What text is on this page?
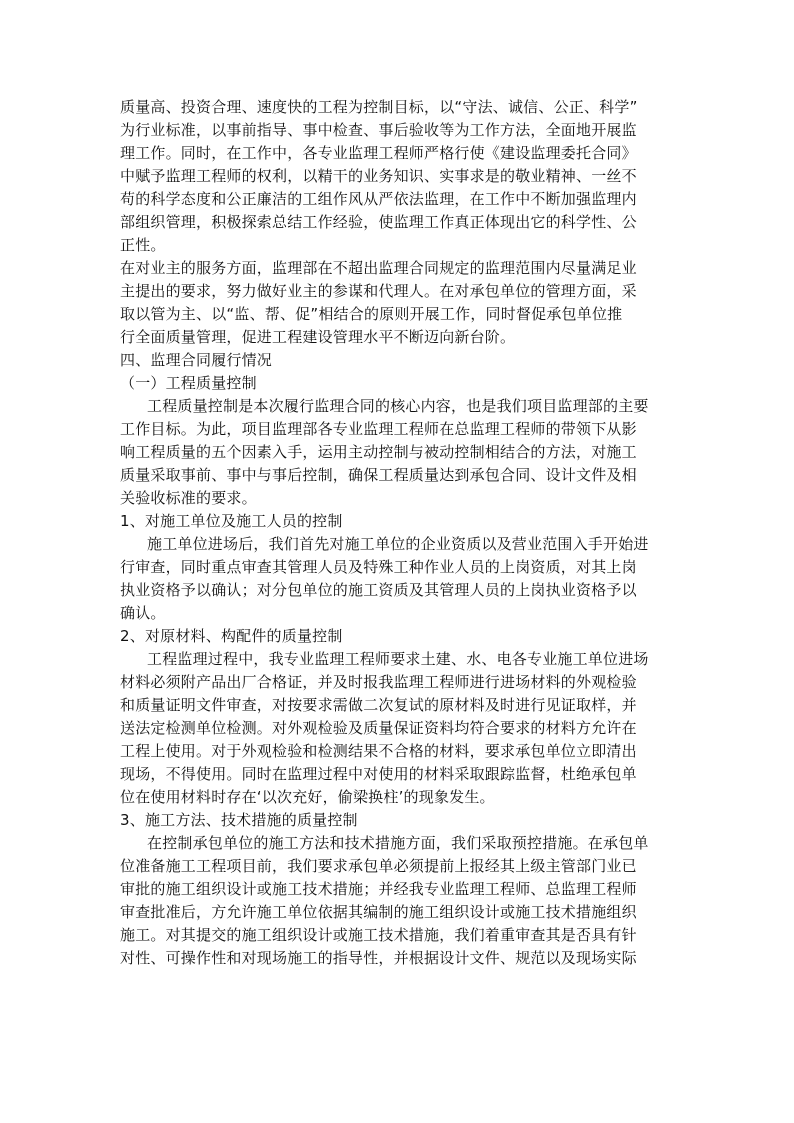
质量高、投资合理、速度快的工程为控制目标，以“守法、诚信、公正、科学”
为行业标准，以事前指导、事中检查、事后验收等为工作方法，全面地开展监
理工作。同时，在工作中，各专业监理工程师严格行使《建设监理委托合同》
中赋予监理工程师的权利，以精干的业务知识、实事求是的敬业精神、一丝不
苟的科学态度和公正廉洁的工组作风从严依法监理，在工作中不断加强监理内
部组织管理，积极探索总结工作经验，使监理工作真正体现出它的科学性、公
正性。
在对业主的服务方面，监理部在不超出监理合同规定的监理范围内尽量满足业
主提出的要求，努力做好业主的参谋和代理人。在对承包单位的管理方面，采
取以管为主、以“监、帮、促”相结合的原则开展工作，同时督促承包单位推
行全面质量管理，促进工程建设管理水平不断迈向新台阶。
四、监理合同履行情况
（一）工程质量控制
工程质量控制是本次履行监理合同的核心内容，也是我们项目监理部的主要
工作目标。为此，项目监理部各专业监理工程师在总监理工程师的带领下从影
响工程质量的五个因素入手，运用主动控制与被动控制相结合的方法，对施工
质量采取事前、事中与事后控制，确保工程质量达到承包合同、设计文件及相
关验收标准的要求。
1、对施工单位及施工人员的控制
施工单位进场后，我们首先对施工单位的企业资质以及营业范围入手开始进
行审查，同时重点审查其管理人员及特殊工种作业人员的上岗资质，对其上岗
执业资格予以确认；对分包单位的施工资质及其管理人员的上岗执业资格予以
确认。
2、对原材料、构配件的质量控制
工程监理过程中，我专业监理工程师要求土建、水、电各专业施工单位进场
材料必须附产品出厂合格证，并及时报我监理工程师进行进场材料的外观检验
和质量证明文件审查，对按要求需做二次复试的原材料及时进行见证取样，并
送法定检测单位检测。对外观检验及质量保证资料均符合要求的材料方允许在
工程上使用。对于外观检验和检测结果不合格的材料，要求承包单位立即清出
现场，不得使用。同时在监理过程中对使用的材料采取跟踪监督，杜绝承包单
位在使用材料时存在‘以次充好，偷梁换柱’的现象发生。
3、施工方法、技术措施的质量控制
在控制承包单位的施工方法和技术措施方面，我们采取预控措施。在承包单
位准备施工工程项目前，我们要求承包单必须提前上报经其上级主管部门业已
审批的施工组织设计或施工技术措施；并经我专业监理工程师、总监理工程师
审查批准后，方允许施工单位依据其编制的施工组织设计或施工技术措施组织
施工。对其提交的施工组织设计或施工技术措施，我们着重审查其是否具有针
对性、可操作性和对现场施工的指导性，并根据设计文件、规范以及现场实际
